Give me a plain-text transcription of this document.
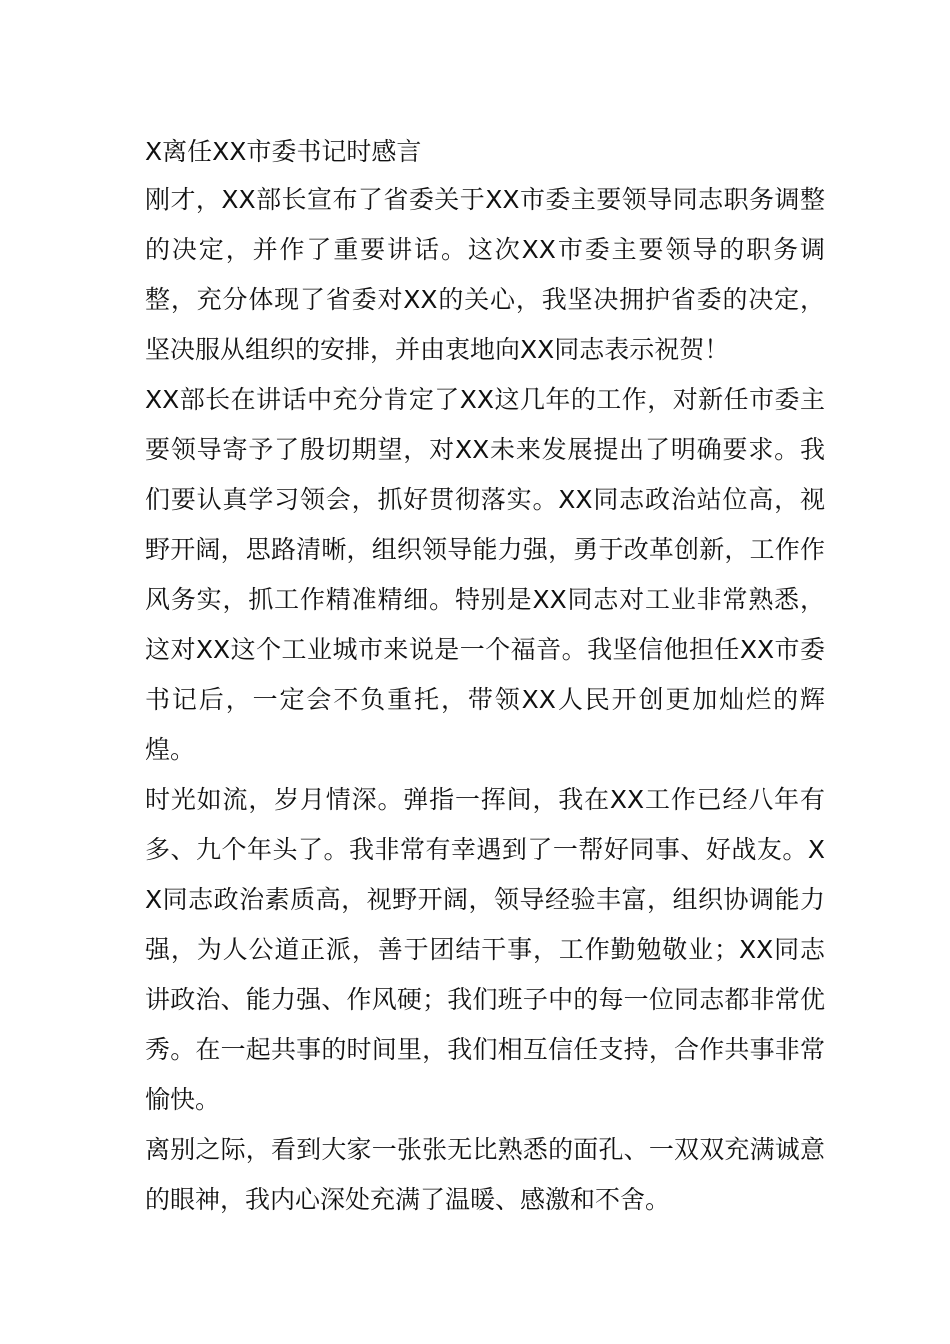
X离任XX市委书记时感言

刚才，XX部长宣布了省委关于XX市委主要领导同志职务调整的决定，并作了重要讲话。这次XX市委主要领导的职务调整，充分体现了省委对XX的关心，我坚决拥护省委的决定，坚决服从组织的安排，并由衷地向XX同志表示祝贺！

XX部长在讲话中充分肯定了XX这几年的工作，对新任市委主要领导寄予了殷切期望，对XX未来发展提出了明确要求。我们要认真学习领会，抓好贯彻落实。XX同志政治站位高，视野开阔，思路清晰，组织领导能力强，勇于改革创新，工作作风务实，抓工作精准精细。特别是XX同志对工业非常熟悉，这对XX这个工业城市来说是一个福音。我坚信他担任XX市委书记后，一定会不负重托，带领XX人民开创更加灿烂的辉煌。

时光如流，岁月情深。弹指一挥间，我在XX工作已经八年有多、九个年头了。我非常有幸遇到了一帮好同事、好战友。XX同志政治素质高，视野开阔，领导经验丰富，组织协调能力强，为人公道正派，善于团结干事，工作勤勉敬业；XX同志讲政治、能力强、作风硬；我们班子中的每一位同志都非常优秀。在一起共事的时间里，我们相互信任支持，合作共事非常愉快。

离别之际，看到大家一张张无比熟悉的面孔、一双双充满诚意的眼神，我内心深处充满了温暖、感激和不舍。
